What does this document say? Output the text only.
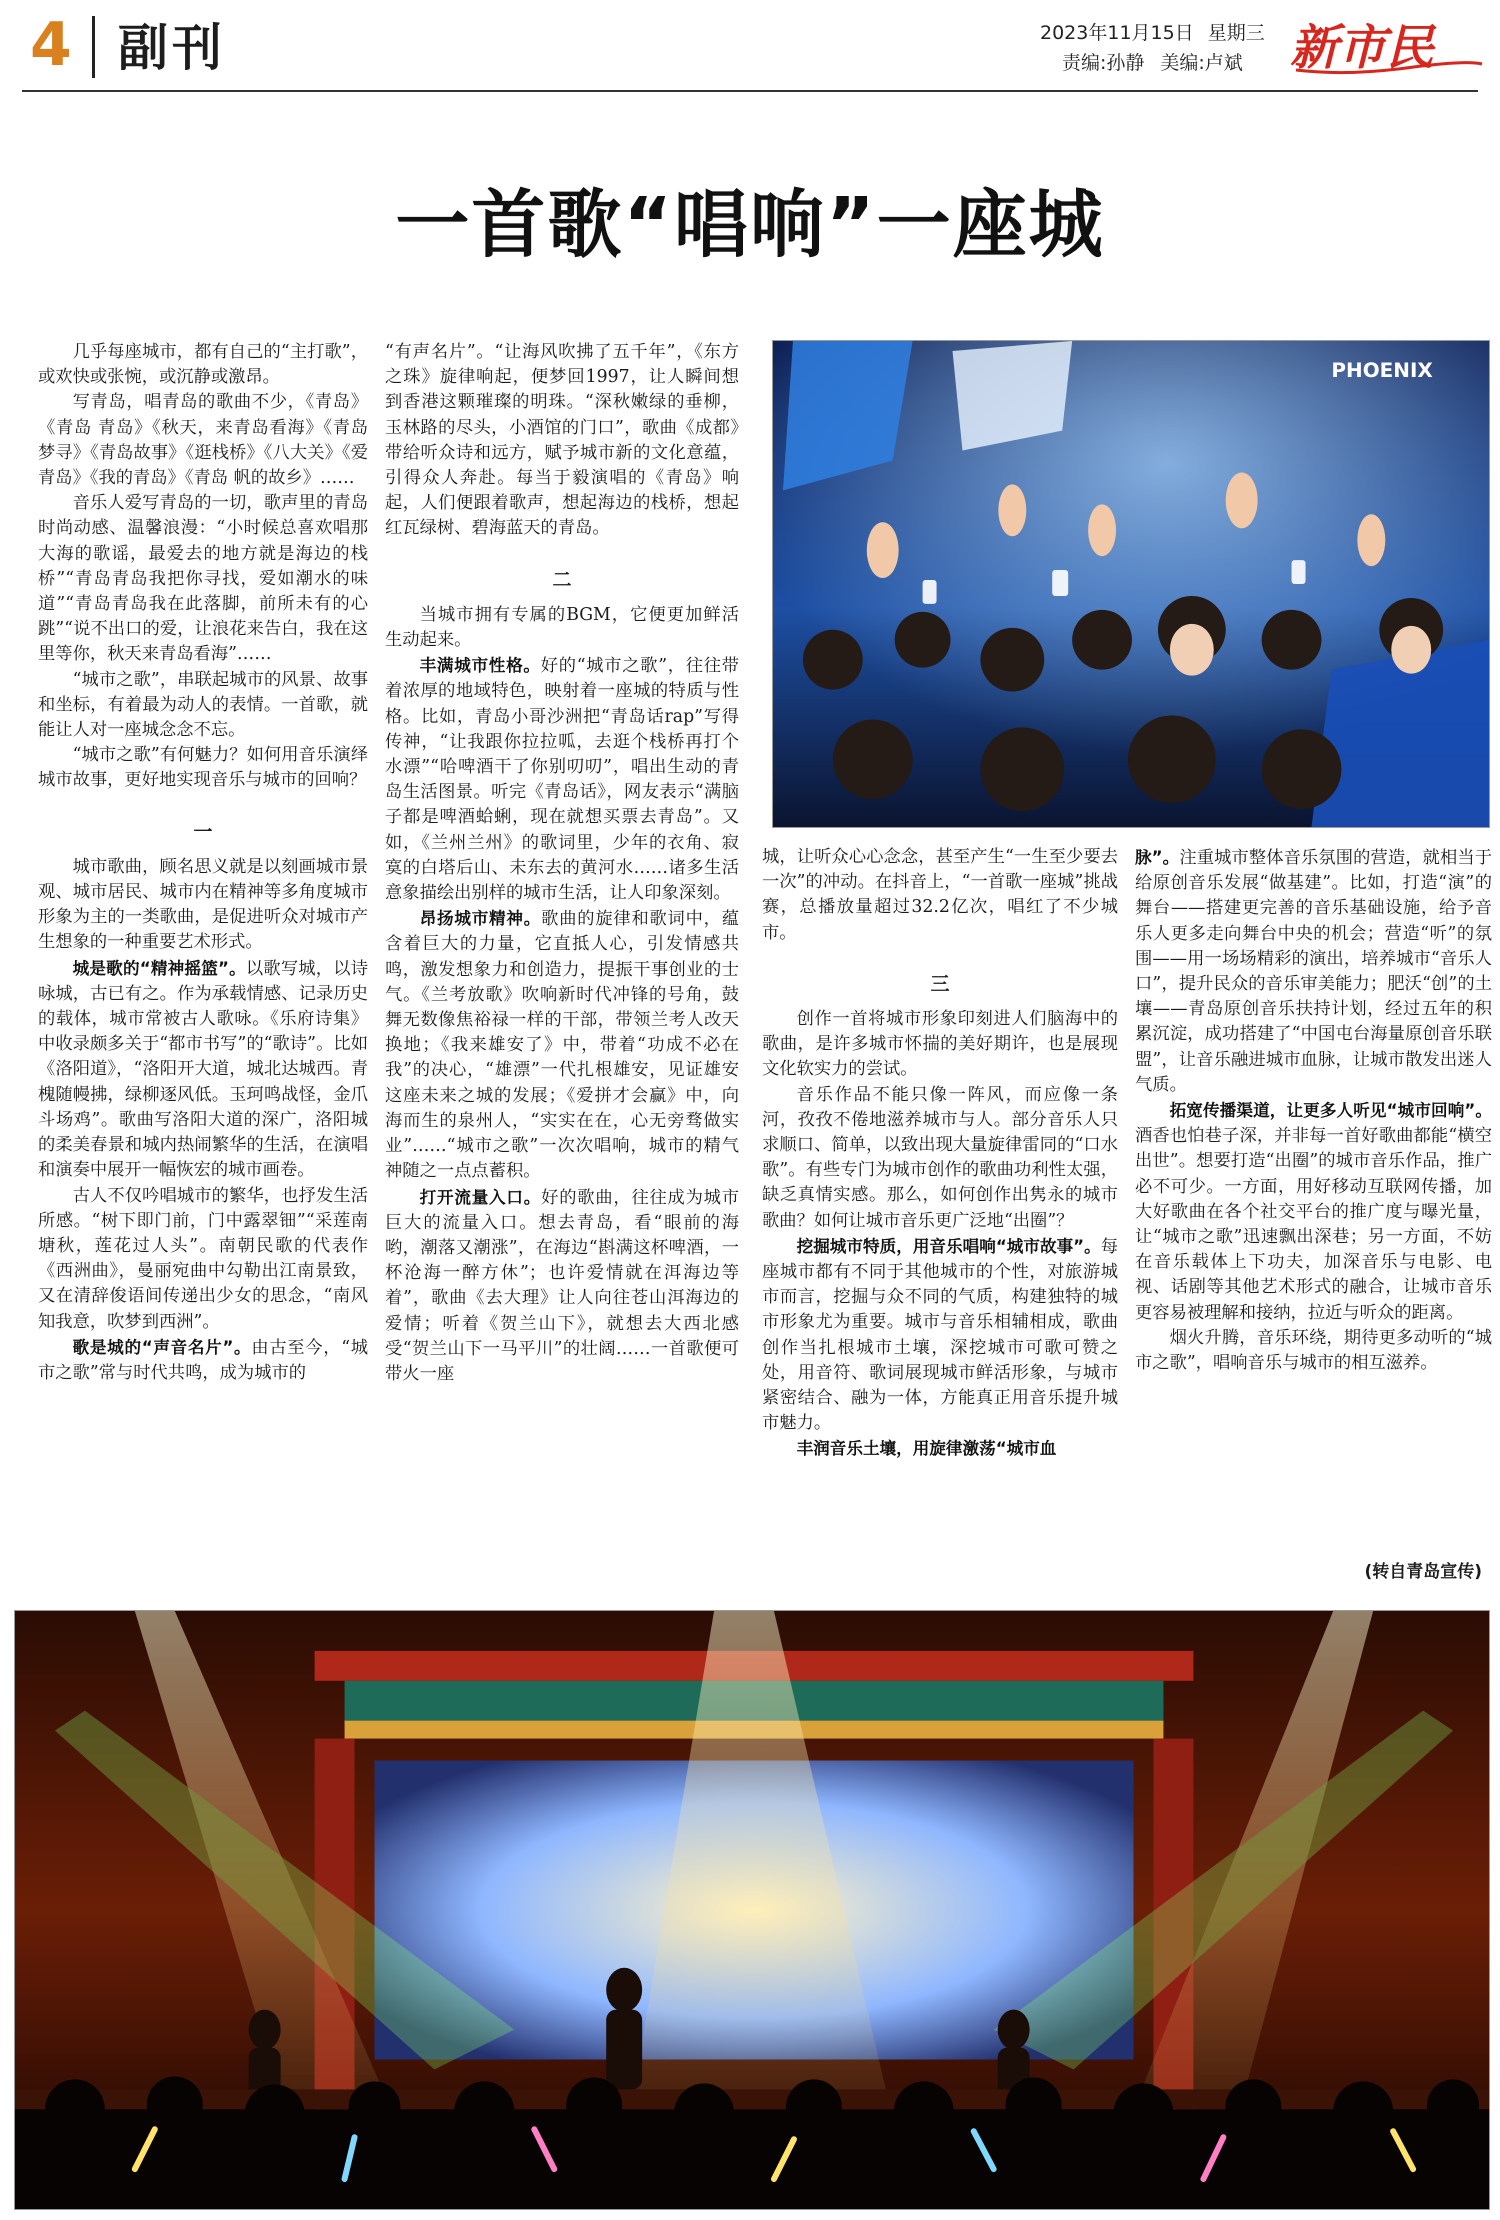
4 副刊	2023年11月15日 星期三
责编:孙静 美编:卢斌 新市民
一首歌“唱响”一座城

几乎每座城市，都有自己的“主打歌”，或欢快或张惋，或沉静或激昂。

写青岛，唱青岛的歌曲不少，《青岛》《青岛 青岛》《秋天，来青岛看海》《青岛梦寻》《青岛故事》《逛栈桥》《八大关》《爱青岛》《我的青岛》《青岛 帆的故乡》……

音乐人爱写青岛的一切，歌声里的青岛时尚动感、温馨浪漫：“小时候总喜欢唱那大海的歌谣，最爱去的地方就是海边的栈桥”“青岛青岛我把你寻找，爱如潮水的味道”“青岛青岛我在此落脚，前所未有的心跳”“说不出口的爱，让浪花来告白，我在这里等你，秋天来青岛看海”……

“城市之歌”，串联起城市的风景、故事和坐标，有着最为动人的表情。一首歌，就能让人对一座城念念不忘。

“城市之歌”有何魅力？如何用音乐演绎城市故事，更好地实现音乐与城市的回响？

一

城市歌曲，顾名思义就是以刻画城市景观、城市居民、城市内在精神等多角度城市形象为主的一类歌曲，是促进听众对城市产生想象的一种重要艺术形式。

城是歌的“精神摇篮”。以歌写城，以诗咏城，古已有之。作为承载情感、记录历史的载体，城市常被古人歌咏。《乐府诗集》中收录颇多关于“都市书写”的“歌诗”。比如《洛阳道》，“洛阳开大道，城北达城西。青槐随幔拂，绿柳逐风低。玉珂鸣战怪，金爪斗场鸡”。歌曲写洛阳大道的深广，洛阳城的柔美春景和城内热闹繁华的生活，在演唱和演奏中展开一幅恢宏的城市画卷。

古人不仅吟唱城市的繁华，也抒发生活所感。“树下即门前，门中露翠钿”“采莲南塘秋，莲花过人头”。南朝民歌的代表作《西洲曲》，曼丽宛曲中勾勒出江南景致，又在清辞俊语间传递出少女的思念，“南风知我意，吹梦到西洲”。

歌是城的“声音名片”。由古至今，“城市之歌”常与时代共鸣，成为城市的

“有声名片”。“让海风吹拂了五千年”，《东方之珠》旋律响起，便梦回1997，让人瞬间想到香港这颗璀璨的明珠。“深秋嫩绿的垂柳，玉林路的尽头，小酒馆的门口”，歌曲《成都》带给听众诗和远方，赋予城市新的文化意蕴，引得众人奔赴。每当于毅演唱的《青岛》响起，人们便跟着歌声，想起海边的栈桥，想起红瓦绿树、碧海蓝天的青岛。

二

当城市拥有专属的BGM，它便更加鲜活生动起来。

丰满城市性格。好的“城市之歌”，往往带着浓厚的地域特色，映射着一座城的特质与性格。比如，青岛小哥沙洲把“青岛话rap”写得传神，“让我跟你拉拉呱，去逛个栈桥再打个水漂”“哈啤酒干了你别叨叨”，唱出生动的青岛生活图景。听完《青岛话》，网友表示“满脑子都是啤酒蛤蜊，现在就想买票去青岛”。又如，《兰州兰州》的歌词里，少年的衣角、寂寞的白塔后山、未东去的黄河水……诸多生活意象描绘出别样的城市生活，让人印象深刻。

昂扬城市精神。歌曲的旋律和歌词中，蕴含着巨大的力量，它直抵人心，引发情感共鸣，激发想象力和创造力，提振干事创业的士气。《兰考放歌》吹响新时代冲锋的号角，鼓舞无数像焦裕禄一样的干部，带领兰考人改天换地；《我来雄安了》中，带着“功成不必在我”的决心，“雄漂”一代扎根雄安，见证雄安这座未来之城的发展；《爱拼才会赢》中，向海而生的泉州人，“实实在在，心无旁骛做实业”……“城市之歌”一次次唱响，城市的精气神随之一点点蓄积。

打开流量入口。好的歌曲，往往成为城市巨大的流量入口。想去青岛，看“眼前的海哟，潮落又潮涨”，在海边“斟满这杯啤酒，一杯沧海一醉方休”；也许爱情就在洱海边等着”，歌曲《去大理》让人向往苍山洱海边的爱情；听着《贺兰山下》，就想去大西北感受“贺兰山下一马平川”的壮阔……一首歌便可带火一座

PHOENIX

城，让听众心心念念，甚至产生“一生至少要去一次”的冲动。在抖音上，“一首歌一座城”挑战赛，总播放量超过32.2亿次，唱红了不少城市。

三

创作一首将城市形象印刻进人们脑海中的歌曲，是许多城市怀揣的美好期许，也是展现文化软实力的尝试。

音乐作品不能只像一阵风，而应像一条河，孜孜不倦地滋养城市与人。部分音乐人只求顺口、简单，以致出现大量旋律雷同的“口水歌”。有些专门为城市创作的歌曲功利性太强，缺乏真情实感。那么，如何创作出隽永的城市歌曲？如何让城市音乐更广泛地“出圈”？

挖掘城市特质，用音乐唱响“城市故事”。每座城市都有不同于其他城市的个性，对旅游城市而言，挖掘与众不同的气质，构建独特的城市形象尤为重要。城市与音乐相辅相成，歌曲创作当扎根城市土壤，深挖城市可歌可赞之处，用音符、歌词展现城市鲜活形象，与城市紧密结合、融为一体，方能真正用音乐提升城市魅力。

丰润音乐土壤，用旋律激荡“城市血

脉”。注重城市整体音乐氛围的营造，就相当于给原创音乐发展“做基建”。比如，打造“演”的舞台——搭建更完善的音乐基础设施，给予音乐人更多走向舞台中央的机会；营造“听”的氛围——用一场场精彩的演出，培养城市“音乐人口”，提升民众的音乐审美能力；肥沃“创”的土壤——青岛原创音乐扶持计划，经过五年的积累沉淀，成功搭建了“中国屯台海量原创音乐联盟”，让音乐融进城市血脉，让城市散发出迷人气质。

拓宽传播渠道，让更多人听见“城市回响”。酒香也怕巷子深，并非每一首好歌曲都能“横空出世”。想要打造“出圈”的城市音乐作品，推广必不可少。一方面，用好移动互联网传播，加大好歌曲在各个社交平台的推广度与曝光量，让“城市之歌”迅速飘出深巷；另一方面，不妨在音乐载体上下功夫，加深音乐与电影、电视、话剧等其他艺术形式的融合，让城市音乐更容易被理解和接纳，拉近与听众的距离。

烟火升腾，音乐环绕，期待更多动听的“城市之歌”，唱响音乐与城市的相互滋养。

(转自青岛宣传)
